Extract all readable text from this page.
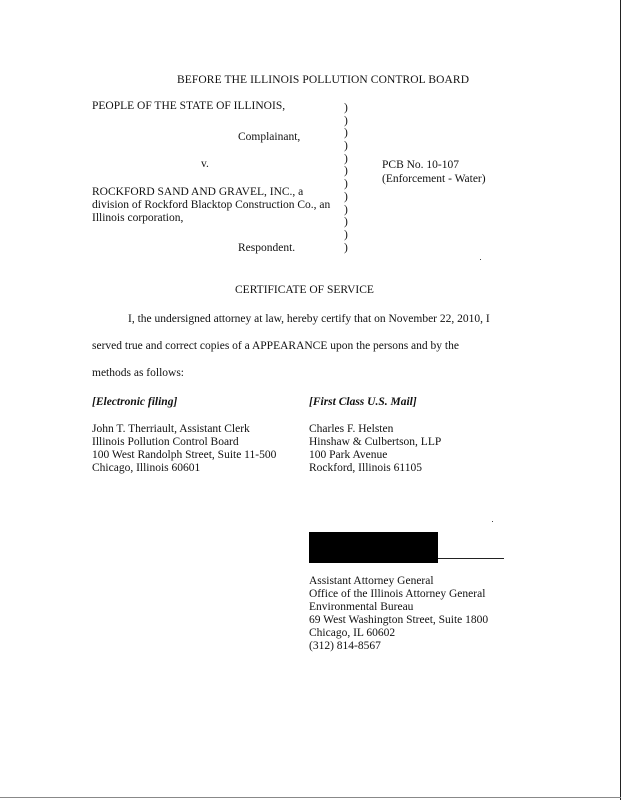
BEFORE THE ILLINOIS POLLUTION CONTROL BOARD
PEOPLE OF THE STATE OF ILLINOIS,
Complainant,
v.
ROCKFORD SAND AND GRAVEL, INC., a
division of Rockford Blacktop Construction Co., an
Illinois corporation,
Respondent.
)
)
)
)
)
)
)
)
)
)
)
)
PCB No. 10-107
(Enforcement - Water)
CERTIFICATE OF SERVICE
I, the undersigned attorney at law, hereby certify that on November 22, 2010, I
served true and correct copies of a APPEARANCE upon the persons and by the
methods as follows:
[Electronic filing]
John T. Therriault, Assistant Clerk
Illinois Pollution Control Board
100 West Randolph Street, Suite 11-500
Chicago, Illinois 60601
[First Class U.S. Mail]
Charles F. Helsten
Hinshaw & Culbertson, LLP
100 Park Avenue
Rockford, Illinois 61105
Assistant Attorney General
Office of the Illinois Attorney General
Environmental Bureau
69 West Washington Street, Suite 1800
Chicago, IL 60602
(312) 814-8567
